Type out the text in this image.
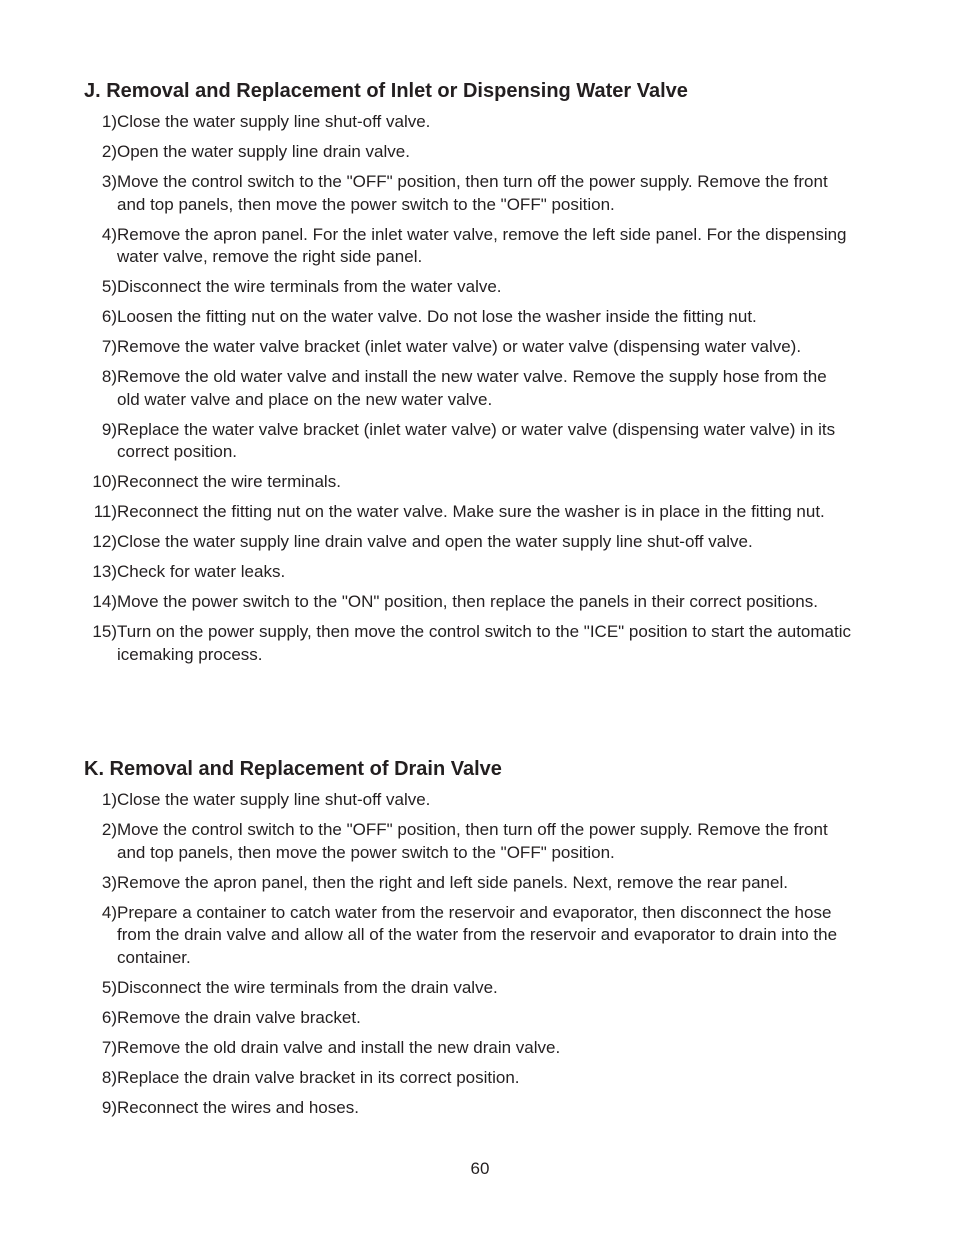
J. Removal and Replacement of Inlet or Dispensing Water Valve
1) Close the water supply line shut-off valve.
2) Open the water supply line drain valve.
3) Move the control switch to the "OFF" position, then turn off the power supply. Remove the front and top panels, then move the power switch to the "OFF" position.
4) Remove the apron panel. For the inlet water valve, remove the left side panel. For the dispensing water valve, remove the right side panel.
5) Disconnect the wire terminals from the water valve.
6) Loosen the fitting nut on the water valve. Do not lose the washer inside the fitting nut.
7) Remove the water valve bracket (inlet water valve) or water valve (dispensing water valve).
8) Remove the old water valve and install the new water valve. Remove the supply hose from the old water valve and place on the new water valve.
9) Replace the water valve bracket (inlet water valve) or water valve (dispensing water valve) in its correct position.
10) Reconnect the wire terminals.
11) Reconnect the fitting nut on the water valve. Make sure the washer is in place in the fitting nut.
12) Close the water supply line drain valve and open the water supply line shut-off valve.
13) Check for water leaks.
14) Move the power switch to the "ON" position, then replace the panels in their correct positions.
15) Turn on the power supply, then move the control switch to the "ICE" position to start the automatic icemaking process.
K. Removal and Replacement of Drain Valve
1) Close the water supply line shut-off valve.
2) Move the control switch to the "OFF" position, then turn off the power supply. Remove the front and top panels, then move the power switch to the "OFF" position.
3) Remove the apron panel, then the right and left side panels. Next, remove the rear panel.
4) Prepare a container to catch water from the reservoir and evaporator, then disconnect the hose from the drain valve and allow all of the water from the reservoir and evaporator to drain into the container.
5) Disconnect the wire terminals from the drain valve.
6) Remove the drain valve bracket.
7) Remove the old drain valve and install the new drain valve.
8) Replace the drain valve bracket in its correct position.
9) Reconnect the wires and hoses.
60
